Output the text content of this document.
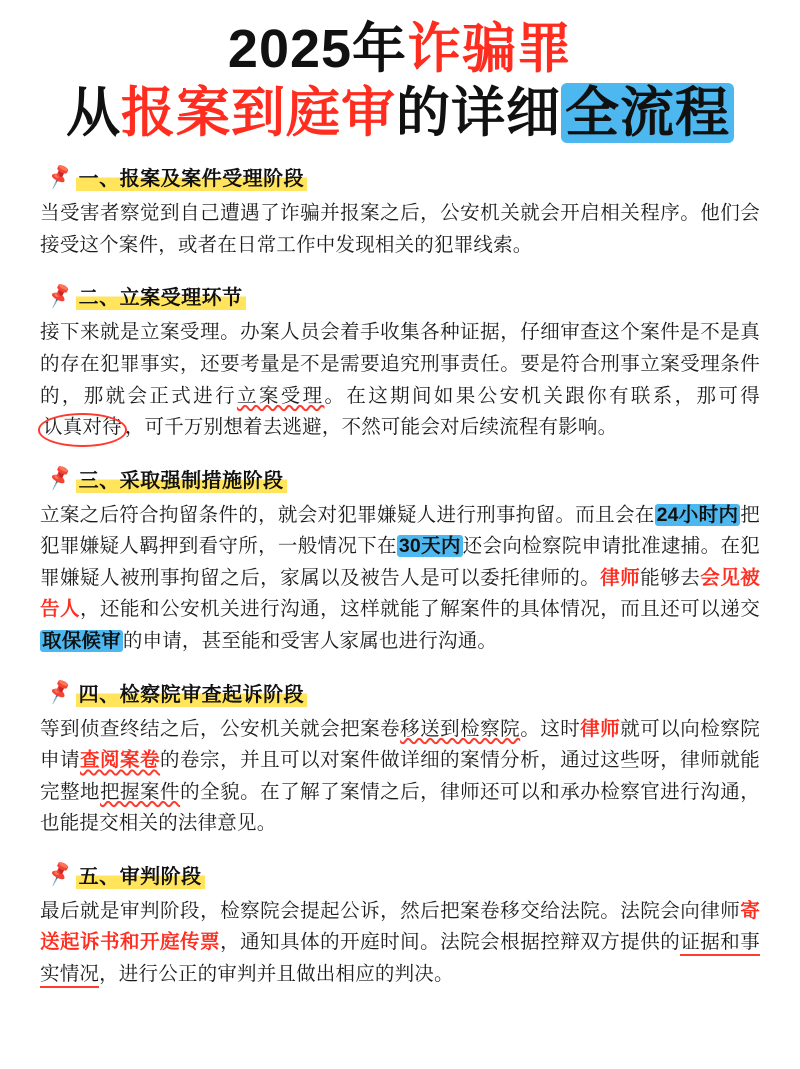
2025年诈骗罪
从报案到庭审的详细全流程
📌 一、报案及案件受理阶段
当受害者察觉到自己遭遇了诈骗并报案之后，公安机关就会开启相关程序。他们会接受这个案件，或者在日常工作中发现相关的犯罪线索。
📌 二、立案受理环节
接下来就是立案受理。办案人员会着手收集各种证据，仔细审查这个案件是不是真的存在犯罪事实，还要考量是不是需要追究刑事责任。要是符合刑事立案受理条件的，那就会正式进行立案受理。在这期间如果公安机关跟你有联系，那可得认真对待 ，可千万别想着去逃避，不然可能会对后续流程有影响。
📌 三、采取强制措施阶段
立案之后符合拘留条件的，就会对犯罪嫌疑人进行刑事拘留。而且会在 24小时内 把犯罪嫌疑人羁押到看守所，一般情况下在 30天内 还会向检察院申请批准逮捕。在犯罪嫌疑人被刑事拘留之后，家属以及被告人是可以委托律师的。律师能够去会见被告人，还能和公安机关进行沟通，这样就能了解案件的具体情况，而且还可以递交取保候审 的申请，甚至能和受害人家属也进行沟通。
📌 四、检察院审查起诉阶段
等到侦查终结之后，公安机关就会把案卷移送到检察院。这时律师就可以向检察院申请查阅案卷的卷宗，并且可以对案件做详细的案情分析，通过这些呀，律师就能完整地把握案件的全貌。在了解了案情之后，律师还可以和承办检察官进行沟通，也能提交相关的法律意见。
📌 五、审判阶段
最后就是审判阶段，检察院会提起公诉，然后把案卷移交给法院。法院会向律师寄送起诉书和开庭传票，通知具体的开庭时间。法院会根据控辩双方提供的证据和事实情况，进行公正的审判并且做出相应的判决。
